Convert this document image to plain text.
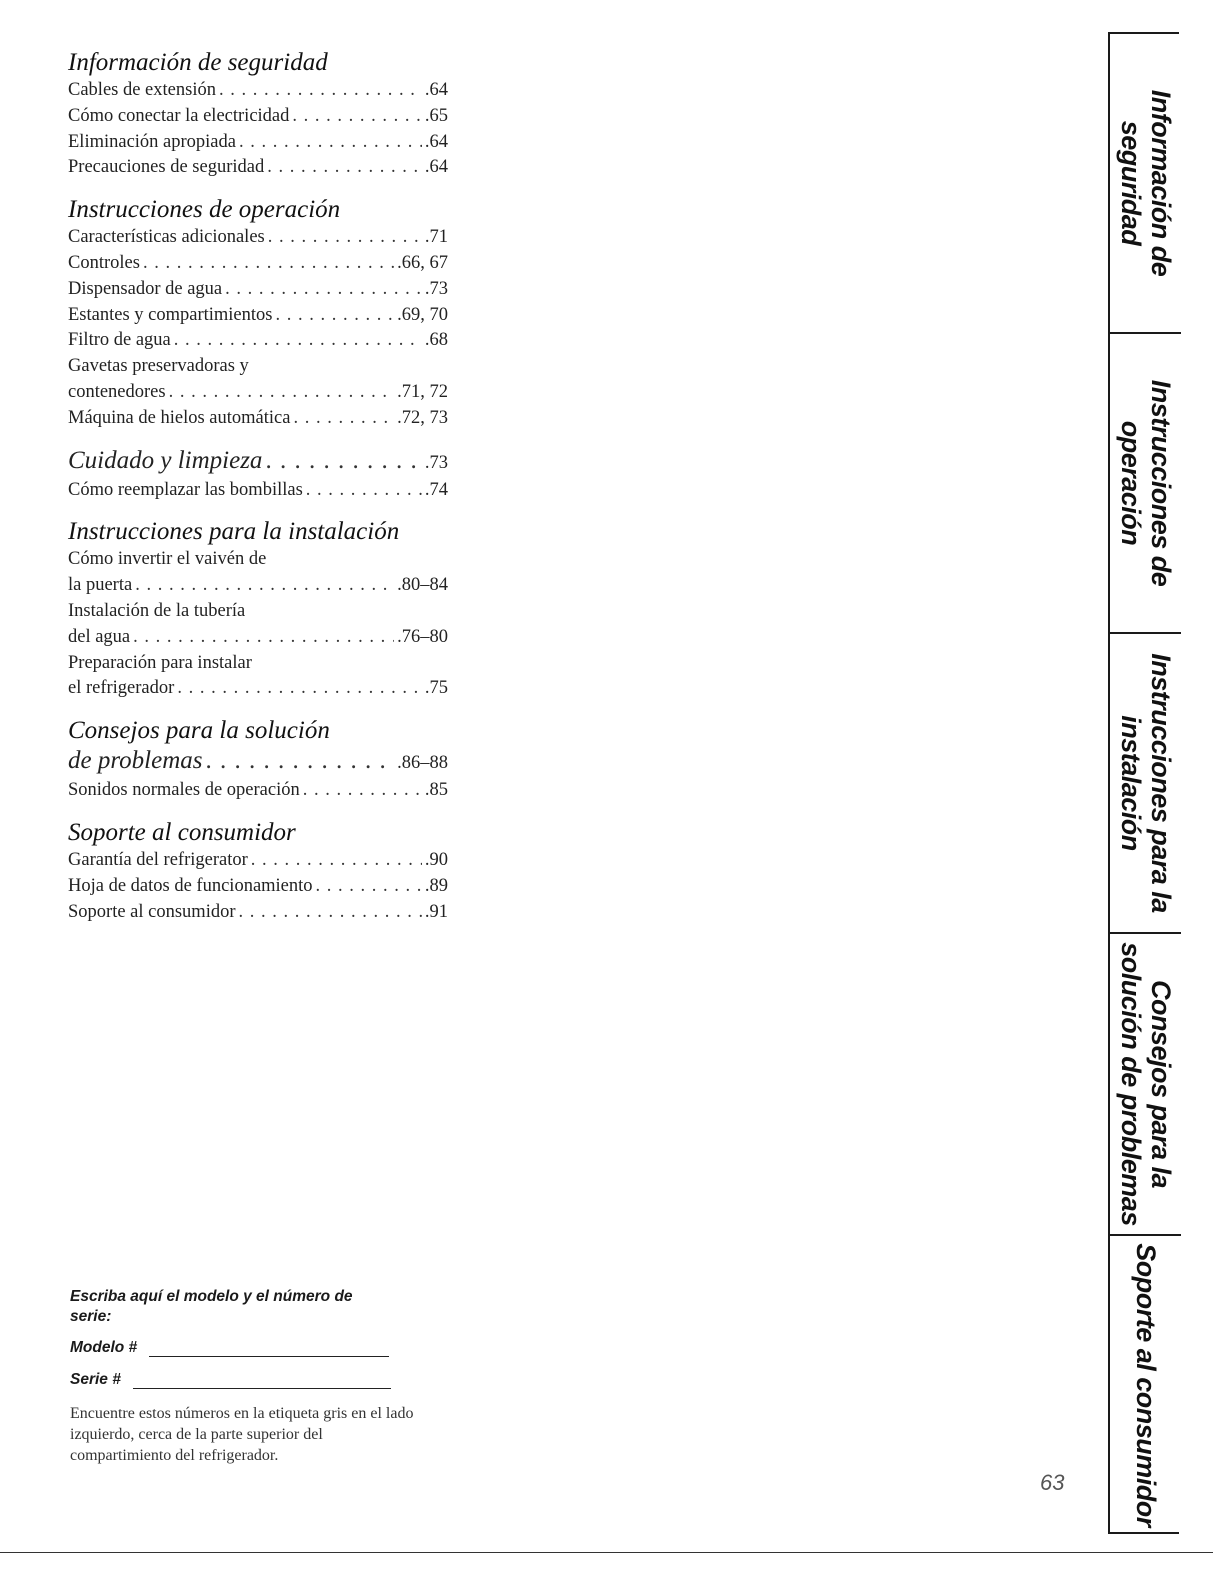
Información de seguridad
Cables de extensión . . .	.64
Cómo conectar la electricidad . . .	.65
Eliminación apropiada . . .	.64
Precauciones de seguridad . . .	.64
Instrucciones de operación
Características adicionales . . .	.71
Controles . . .	.66, 67
Dispensador de agua . . .	.73
Estantes y compartimientos . . .	.69, 70
Filtro de agua . . .	.68
Gavetas preservadoras y
contenedores . . .	.71, 72
Máquina de hielos automática . . .	.72, 73
Cuidado y limpieza . . .	.73
Cómo reemplazar las bombillas . . .	.74
Instrucciones para la instalación
Cómo invertir el vaivén de
la puerta . . .	.80–84
Instalación de la tubería
del agua . . .	.76–80
Preparación para instalar
el refrigerador . . .	.75
Consejos para la solución
de problemas . . .	.86–88
Sonidos normales de operación . . .	.85
Soporte al consumidor
Garantía del refrigerator . . .	.90
Hoja de datos de funcionamiento . . .	.89
Soporte al consumidor . . .	.91
Escriba aquí el modelo y el número de serie:
Modelo #
Serie #
Encuentre estos números en la etiqueta gris en el lado izquierdo, cerca de la parte superior del compartimiento del refrigerador.
63
Información de
seguridad
Instrucciones de
operación
Instrucciones para la
instalación
Consejos para la
solución de problemas
Soporte al consumidor
